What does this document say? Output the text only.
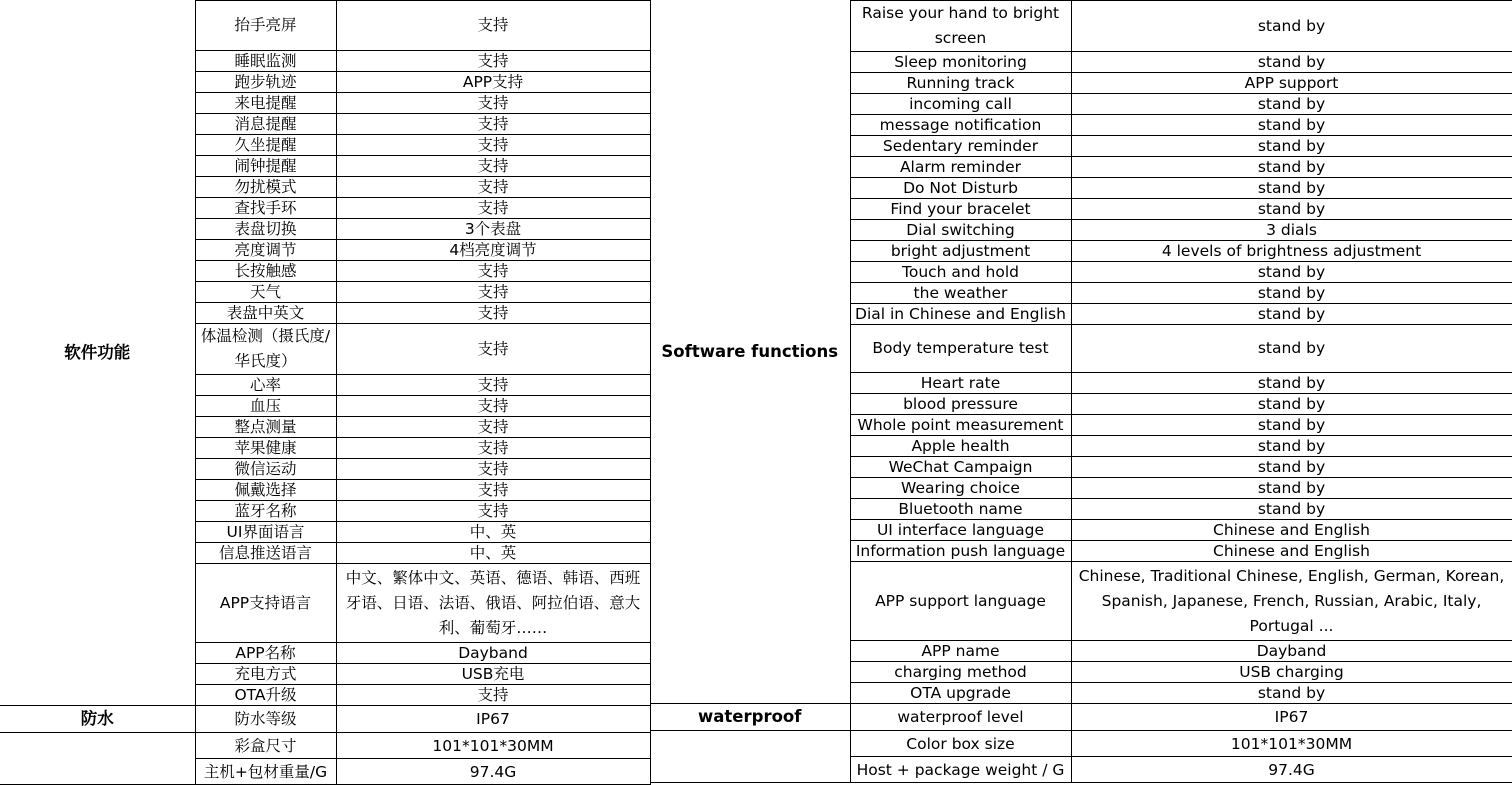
软件功能	抬手亮屏	支持
	睡眠监测	支持
	跑步轨迹	APP支持
	来电提醒	支持
	消息提醒	支持
	久坐提醒	支持
	闹钟提醒	支持
	勿扰模式	支持
	查找手环	支持
	表盘切换	3个表盘
	亮度调节	4档亮度调节
	长按触感	支持
	天气	支持
	表盘中英文	支持
	体温检测（摄氏度/华氏度）	支持
	心率	支持
	血压	支持
	整点测量	支持
	苹果健康	支持
	微信运动	支持
	佩戴选择	支持
	蓝牙名称	支持
	UI界面语言	中、英
	信息推送语言	中、英
	APP支持语言	中文、繁体中文、英语、德语、韩语、西班牙语、日语、法语、俄语、阿拉伯语、意大利、葡萄牙……
	APP名称	Dayband
	充电方式	USB充电
	OTA升级	支持
防水	防水等级	IP67
	彩盒尺寸	101*101*30MM
	主机+包材重量/G	97.4G
Software functions	Raise your hand to bright screen	stand by
	Sleep monitoring	stand by
	Running track	APP support
	incoming call	stand by
	message notification	stand by
	Sedentary reminder	stand by
	Alarm reminder	stand by
	Do Not Disturb	stand by
	Find your bracelet	stand by
	Dial switching	3 dials
	bright adjustment	4 levels of brightness adjustment
	Touch and hold	stand by
	the weather	stand by
	Dial in Chinese and English	stand by
	Body temperature test	stand by
	Heart rate	stand by
	blood pressure	stand by
	Whole point measurement	stand by
	Apple health	stand by
	WeChat Campaign	stand by
	Wearing choice	stand by
	Bluetooth name	stand by
	UI interface language	Chinese and English
	Information push language	Chinese and English
	APP support language	Chinese, Traditional Chinese, English, German, Korean, Spanish, Japanese, French, Russian, Arabic, Italy, Portugal ...
	APP name	Dayband
	charging method	USB charging
	OTA upgrade	stand by
waterproof	waterproof level	IP67
	Color box size	101*101*30MM
	Host + package weight / G	97.4G
